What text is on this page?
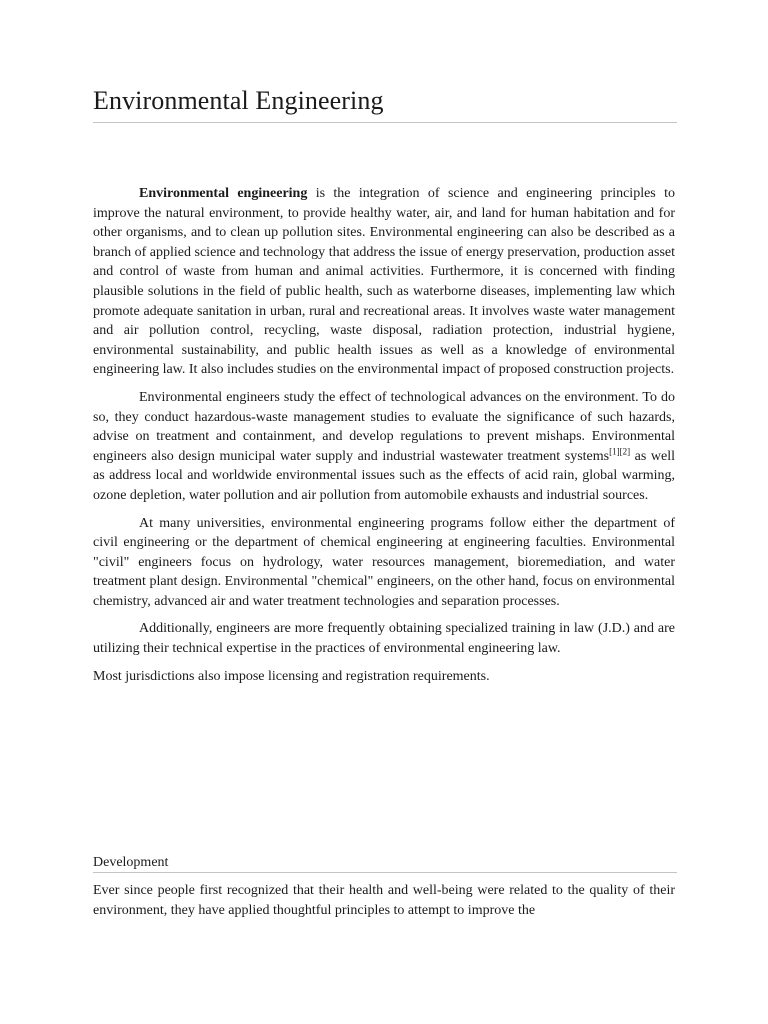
Environmental Engineering

Environmental engineering is the integration of science and engineering principles to improve the natural environment, to provide healthy water, air, and land for human habitation and for other organisms, and to clean up pollution sites. Environmental engineering can also be described as a branch of applied science and technology that address the issue of energy preservation, production asset and control of waste from human and animal activities. Furthermore, it is concerned with finding plausible solutions in the field of public health, such as waterborne diseases, implementing law which promote adequate sanitation in urban, rural and recreational areas. It involves waste water management and air pollution control, recycling, waste disposal, radiation protection, industrial hygiene, environmental sustainability, and public health issues as well as a knowledge of environmental engineering law. It also includes studies on the environmental impact of proposed construction projects.

Environmental engineers study the effect of technological advances on the environment. To do so, they conduct hazardous-waste management studies to evaluate the significance of such hazards, advise on treatment and containment, and develop regulations to prevent mishaps. Environmental engineers also design municipal water supply and industrial wastewater treatment systems[1][2] as well as address local and worldwide environmental issues such as the effects of acid rain, global warming, ozone depletion, water pollution and air pollution from automobile exhausts and industrial sources.

At many universities, environmental engineering programs follow either the department of civil engineering or the department of chemical engineering at engineering faculties. Environmental "civil" engineers focus on hydrology, water resources management, bioremediation, and water treatment plant design. Environmental "chemical" engineers, on the other hand, focus on environmental chemistry, advanced air and water treatment technologies and separation processes.

Additionally, engineers are more frequently obtaining specialized training in law (J.D.) and are utilizing their technical expertise in the practices of environmental engineering law.

Most jurisdictions also impose licensing and registration requirements.

Development

Ever since people first recognized that their health and well-being were related to the quality of their environment, they have applied thoughtful principles to attempt to improve the
